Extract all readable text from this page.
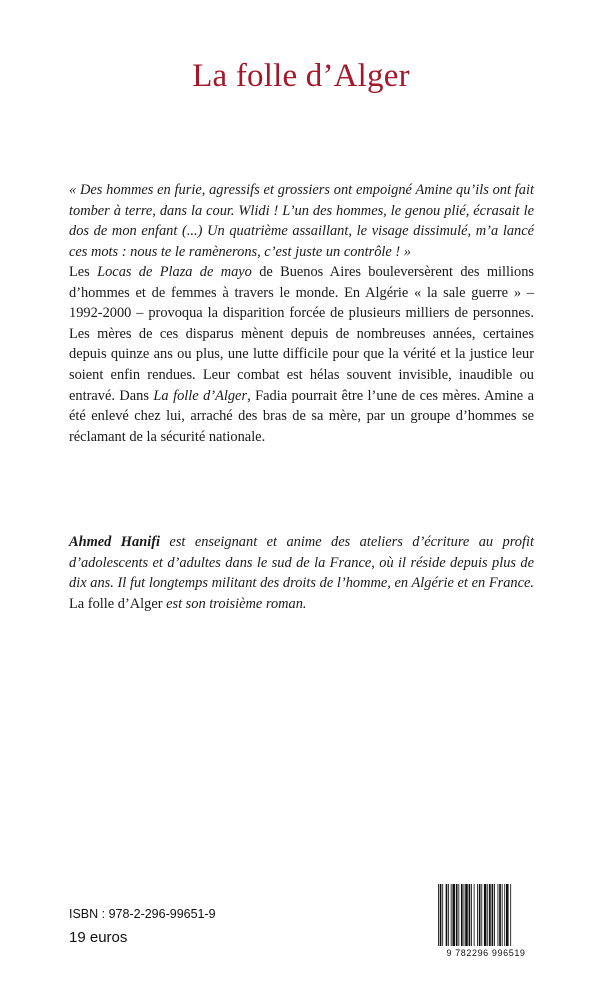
La folle d’Alger
« Des hommes en furie, agressifs et grossiers ont empoigné Amine qu’ils ont fait tomber à terre, dans la cour. Wlidi ! L’un des hommes, le genou plié, écrasait le dos de mon enfant (...) Un quatrième assaillant, le visage dissimulé, m’a lancé ces mots : nous te le ramènerons, c’est juste un contrôle ! »
Les Locas de Plaza de mayo de Buenos Aires bouleversèrent des millions d’hommes et de femmes à travers le monde. En Algérie « la sale guerre » – 1992-2000 – provoqua la disparition forcée de plusieurs milliers de personnes. Les mères de ces disparus mènent depuis de nombreuses années, certaines depuis quinze ans ou plus, une lutte difficile pour que la vérité et la justice leur soient enfin rendues. Leur combat est hélas souvent invisible, inaudible ou entravé. Dans La folle d’Alger, Fadia pourrait être l’une de ces mères. Amine a été enlevé chez lui, arraché des bras de sa mère, par un groupe d’hommes se réclamant de la sécurité nationale.
Ahmed Hanifi est enseignant et anime des ateliers d’écriture au profit d’adolescents et d’adultes dans le sud de la France, où il réside depuis plus de dix ans. Il fut longtemps militant des droits de l’homme, en Algérie et en France. La folle d’Alger est son troisième roman.
ISBN : 978-2-296-99651-9
19 euros
9 782296 996519
